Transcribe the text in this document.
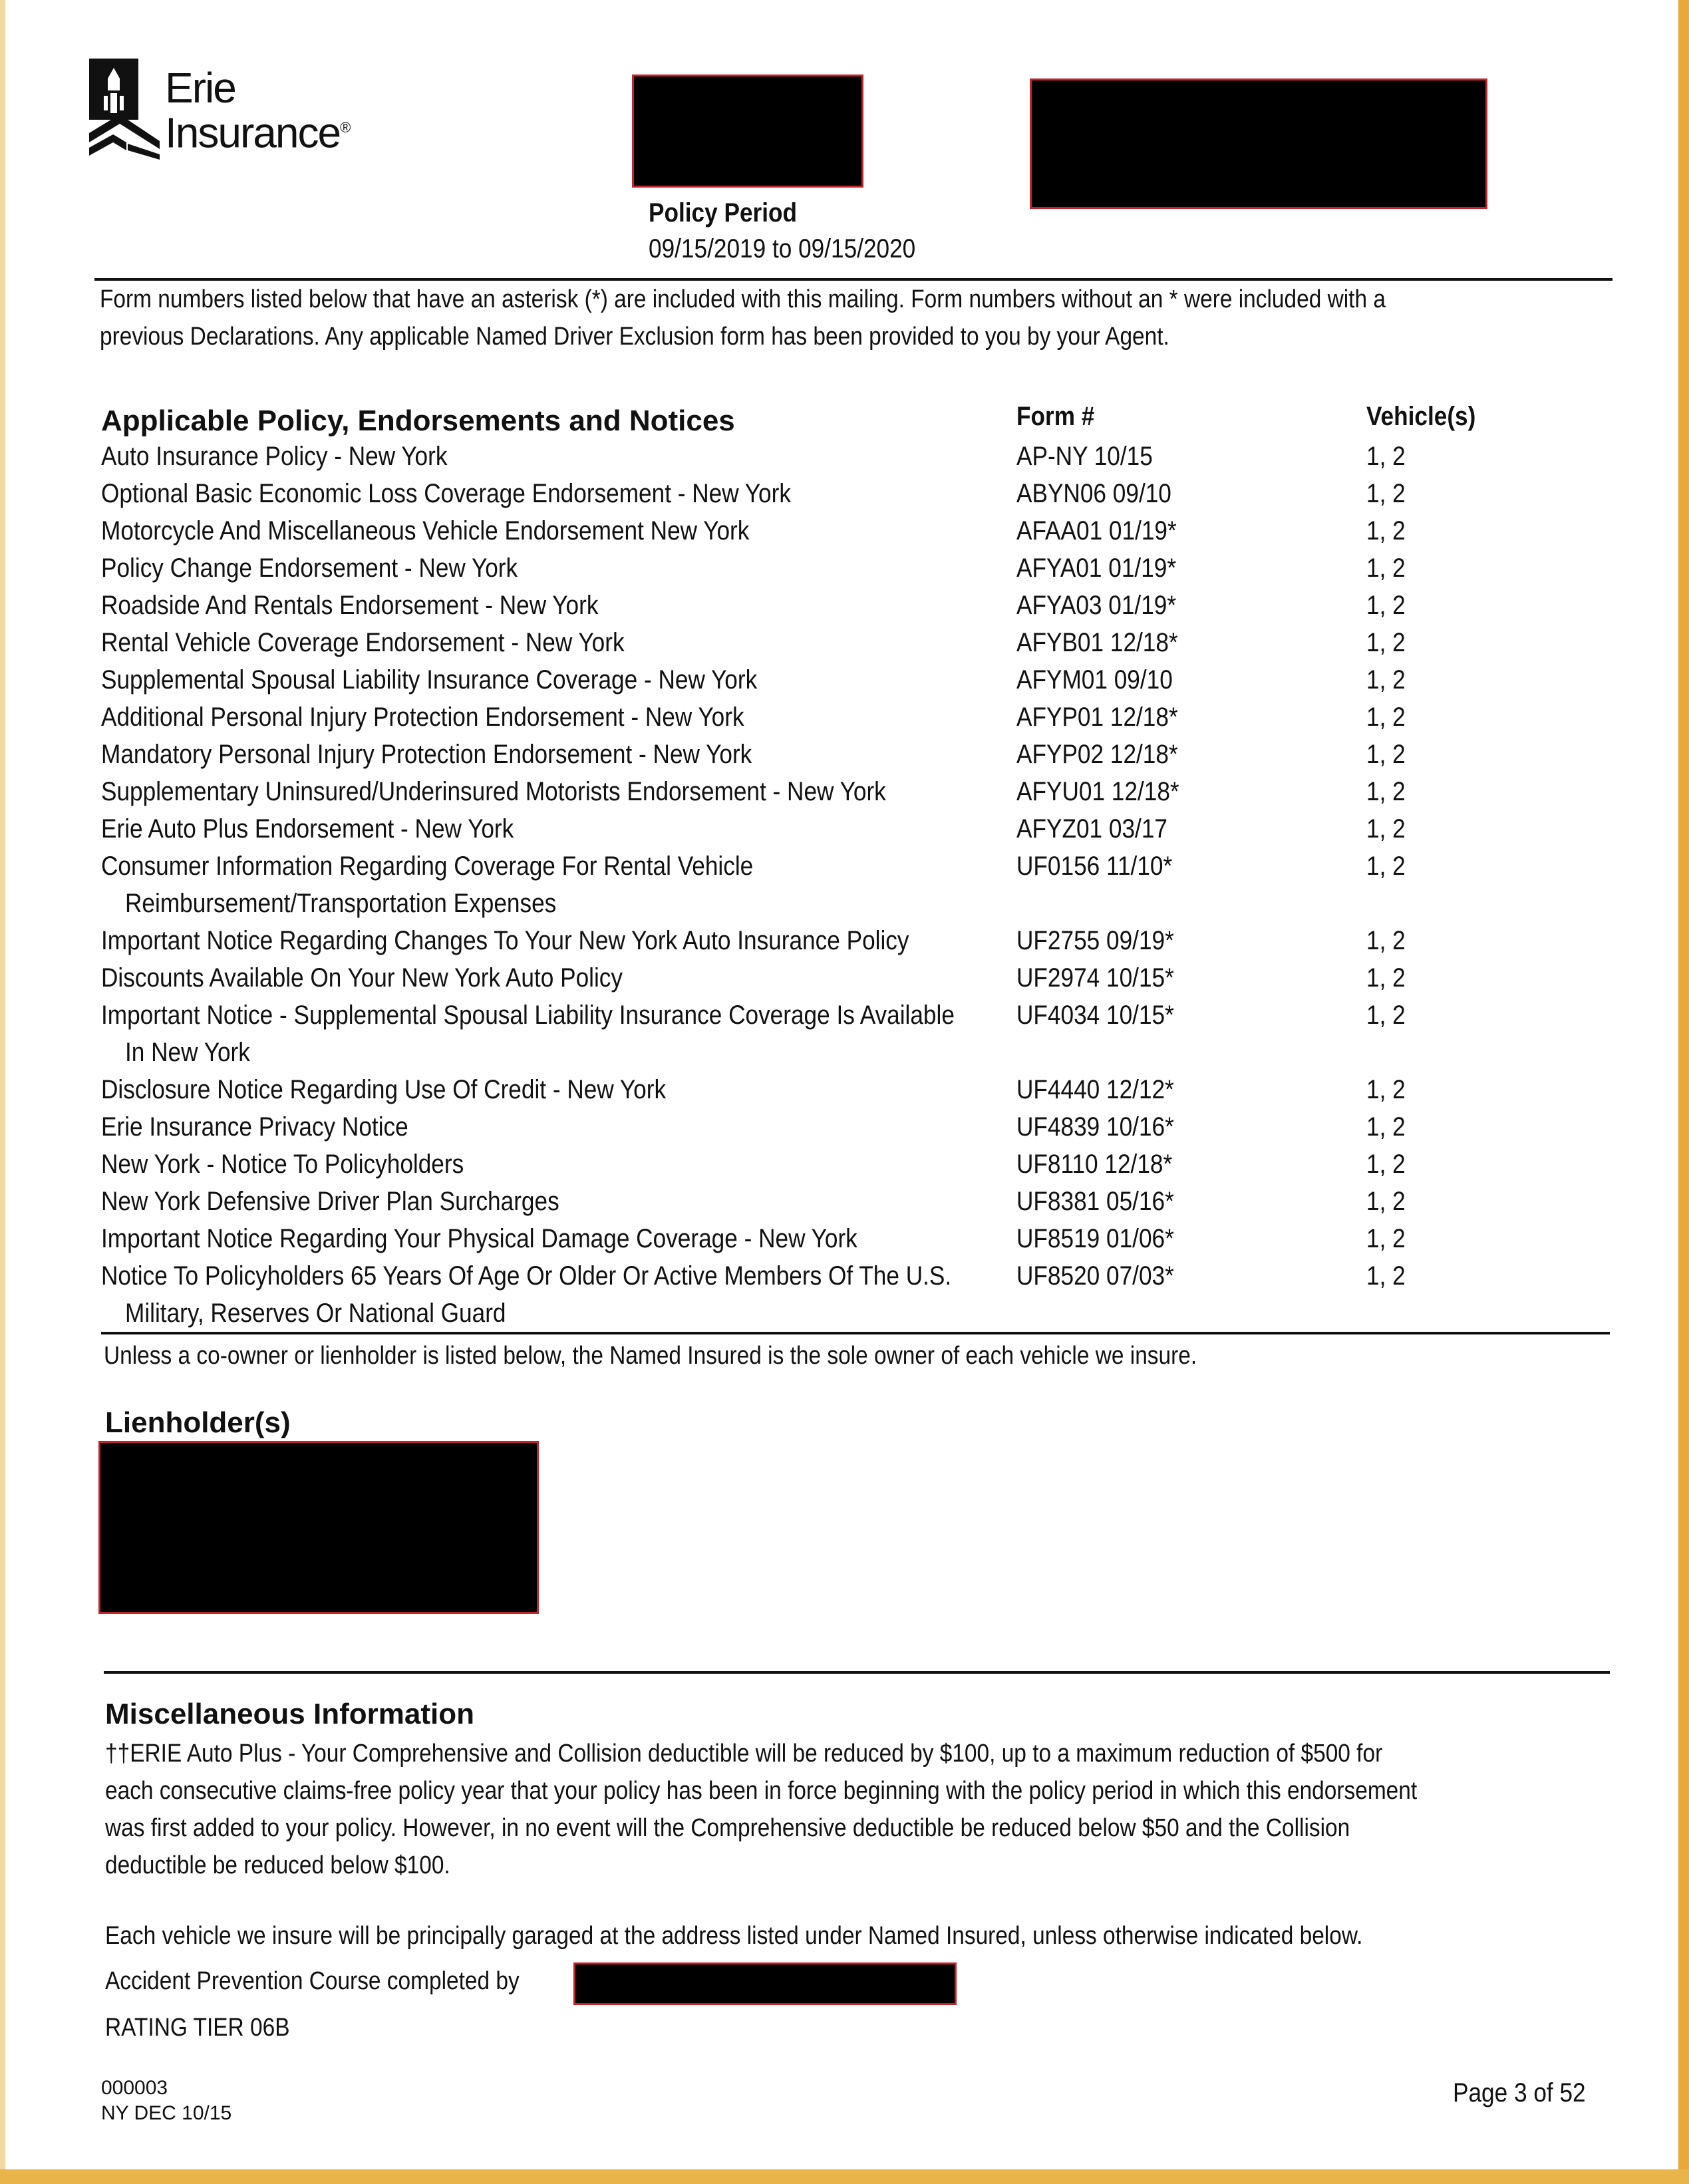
Erie
Insurance®
Policy Period
09/15/2019 to 09/15/2020
Form numbers listed below that have an asterisk (*) are included with this mailing. Form numbers without an * were included with a
previous Declarations. Any applicable Named Driver Exclusion form has been provided to you by your Agent.
Applicable Policy, Endorsements and Notices	Form #	Vehicle(s)
Auto Insurance Policy - New York	AP-NY 10/15	1, 2
Optional Basic Economic Loss Coverage Endorsement - New York	ABYN06 09/10	1, 2
Motorcycle And Miscellaneous Vehicle Endorsement New York	AFAA01 01/19*	1, 2
Policy Change Endorsement - New York	AFYA01 01/19*	1, 2
Roadside And Rentals Endorsement - New York	AFYA03 01/19*	1, 2
Rental Vehicle Coverage Endorsement - New York	AFYB01 12/18*	1, 2
Supplemental Spousal Liability Insurance Coverage - New York	AFYM01 09/10	1, 2
Additional Personal Injury Protection Endorsement - New York	AFYP01 12/18*	1, 2
Mandatory Personal Injury Protection Endorsement - New York	AFYP02 12/18*	1, 2
Supplementary Uninsured/Underinsured Motorists Endorsement - New York	AFYU01 12/18*	1, 2
Erie Auto Plus Endorsement - New York	AFYZ01 03/17	1, 2
Consumer Information Regarding Coverage For Rental Vehicle	UF0156 11/10*	1, 2
Reimbursement/Transportation Expenses
Important Notice Regarding Changes To Your New York Auto Insurance Policy	UF2755 09/19*	1, 2
Discounts Available On Your New York Auto Policy	UF2974 10/15*	1, 2
Important Notice - Supplemental Spousal Liability Insurance Coverage Is Available UF4034 10/15*	1, 2
In New York
Disclosure Notice Regarding Use Of Credit - New York	UF4440 12/12*	1, 2
Erie Insurance Privacy Notice	UF4839 10/16*	1, 2
New York - Notice To Policyholders	UF8110 12/18*	1, 2
New York Defensive Driver Plan Surcharges	UF8381 05/16*	1, 2
Important Notice Regarding Your Physical Damage Coverage - New York	UF8519 01/06*	1, 2
Notice To Policyholders 65 Years Of Age Or Older Or Active Members Of The U.S. UF8520 07/03*	1, 2
Military, Reserves Or National Guard
Unless a co-owner or lienholder is listed below, the Named Insured is the sole owner of each vehicle we insure.
Lienholder(s)
Miscellaneous Information
††ERIE Auto Plus - Your Comprehensive and Collision deductible will be reduced by $100, up to a maximum reduction of $500 for
each consecutive claims-free policy year that your policy has been in force beginning with the policy period in which this endorsement
was first added to your policy. However, in no event will the Comprehensive deductible be reduced below $50 and the Collision
deductible be reduced below $100.
Each vehicle we insure will be principally garaged at the address listed under Named Insured, unless otherwise indicated below.
Accident Prevention Course completed by
RATING TIER 06B
000003
NY DEC 10/15
Page 3 of 52
